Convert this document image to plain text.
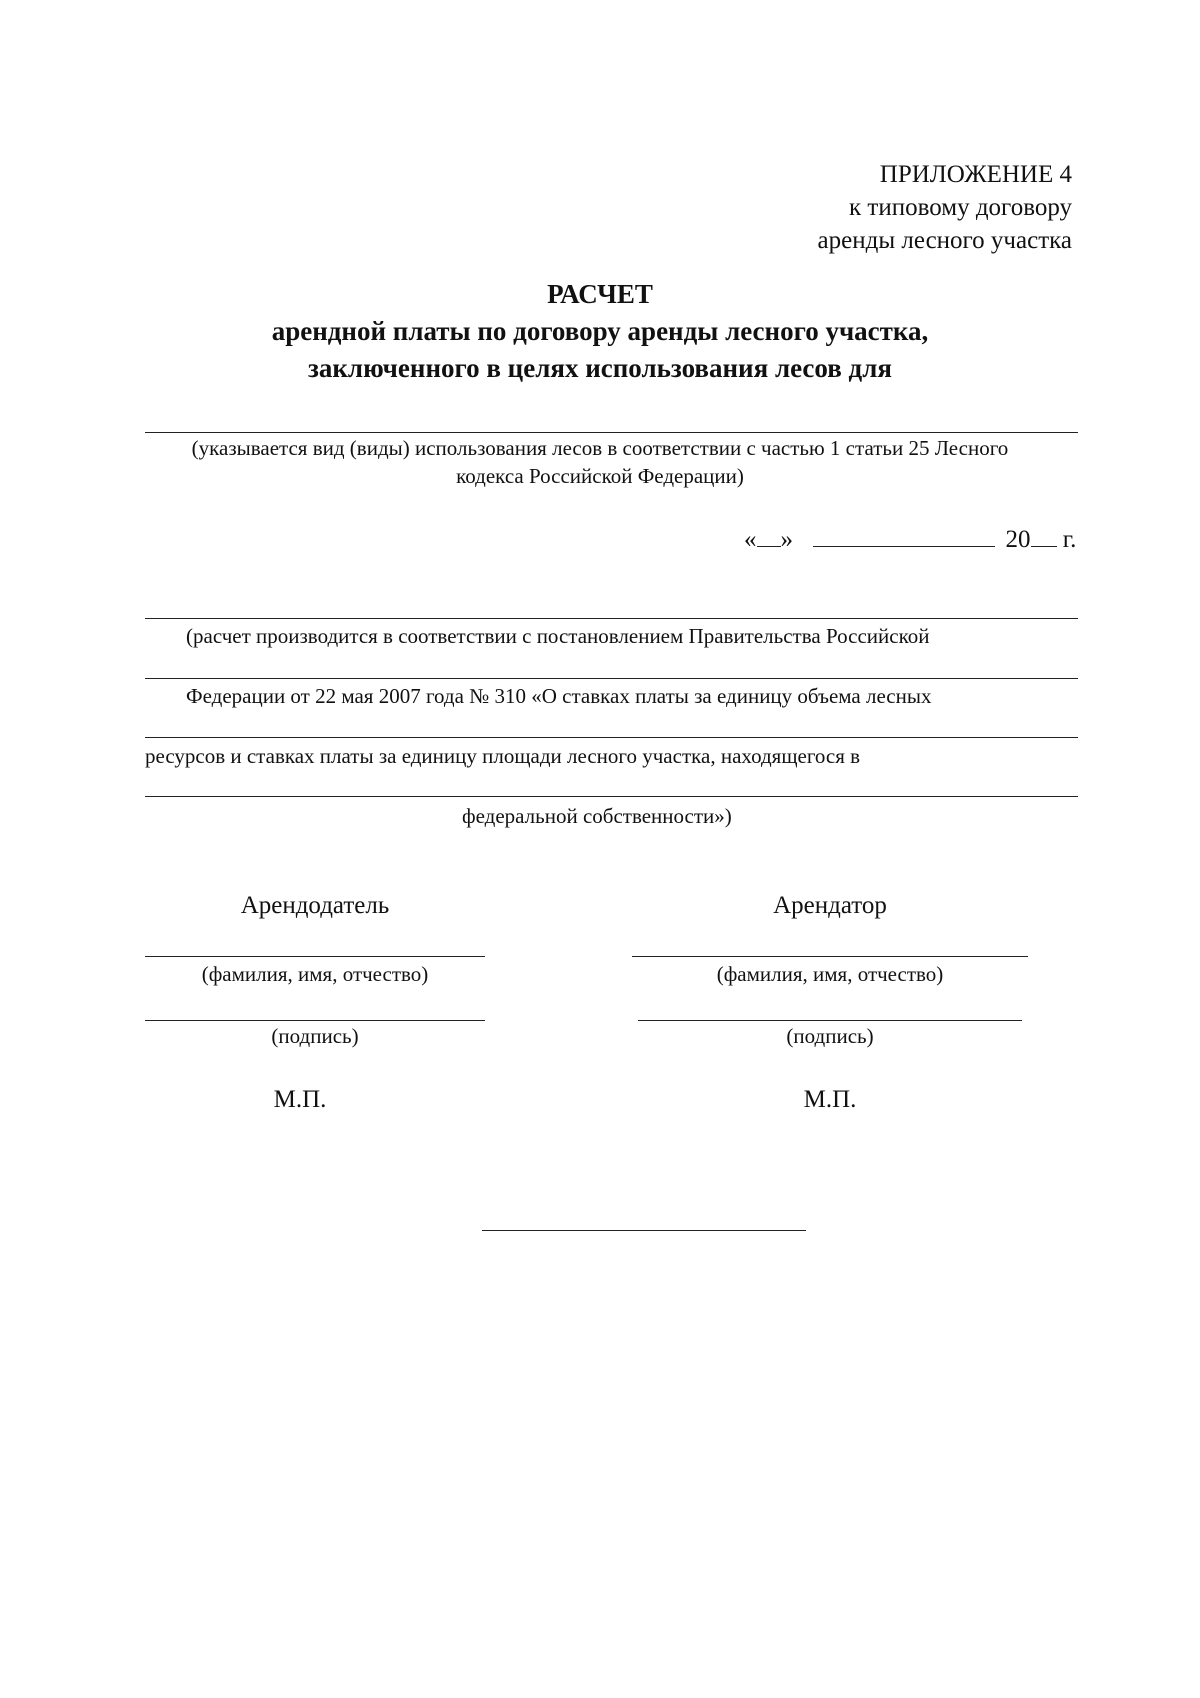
ПРИЛОЖЕНИЕ 4
к типовому договору
аренды лесного участка
РАСЧЕТ
арендной платы по договору аренды лесного участка,
заключенного в целях использования лесов для
(указывается вид (виды) использования лесов в соответствии с частью 1 статьи 25 Лесного
кодекса Российской Федерации)
« »	20 г.
(расчет производится в соответствии с постановлением Правительства Российской
Федерации от 22 мая 2007 года № 310 «О ставках платы за единицу объема лесных
ресурсов и ставках платы за единицу площади лесного участка, находящегося в
федеральной собственности»)
Арендодатель
(фамилия, имя, отчество)
(подпись)
М.П.
Арендатор
(фамилия, имя, отчество)
(подпись)
М.П.
